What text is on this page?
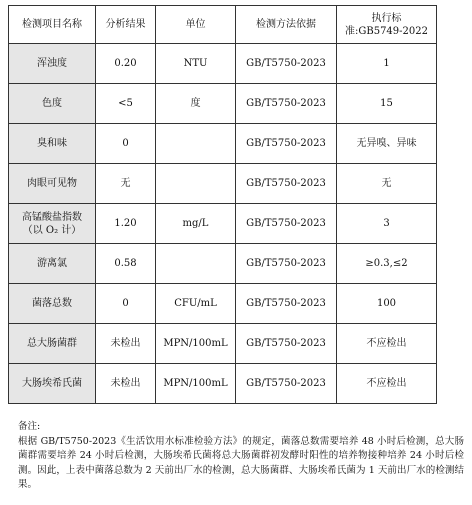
检测项目名称	分析结果	单位	检测方法依据	执行标
准:GB5749-2022

浑浊度	0.20	NTU	GB/T5750-2023	1
色度	<5	度	GB/T5750-2023	15
臭和味	0		GB/T5750-2023	无异嗅、异味
肉眼可见物	无		GB/T5750-2023	无

高锰酸盐指数
（以 O₂ 计）	1.20	mg/L	GB/T5750-2023	3
游离氯	0.58		GB/T5750-2023	≥0.3,≤2
菌落总数	0	CFU/mL	GB/T5750-2023	100
总大肠菌群	未检出	MPN/100mL	GB/T5750-2023	不应检出
大肠埃希氏菌	未检出	MPN/100mL	GB/T5750-2023	不应检出

备注:

根据 GB/T5750-2023《生活饮用水标准检验方法》的规定，菌落总数需要培养 48 小时后检测，总大肠菌群需要培养 24 小时后检测，大肠埃希氏菌将总大肠菌群初发酵时阳性的培养物接种培养 24 小时后检测。因此，上表中菌落总数为 2 天前出厂水的检测，总大肠菌群、大肠埃希氏菌为 1 天前出厂水的检测结果。
